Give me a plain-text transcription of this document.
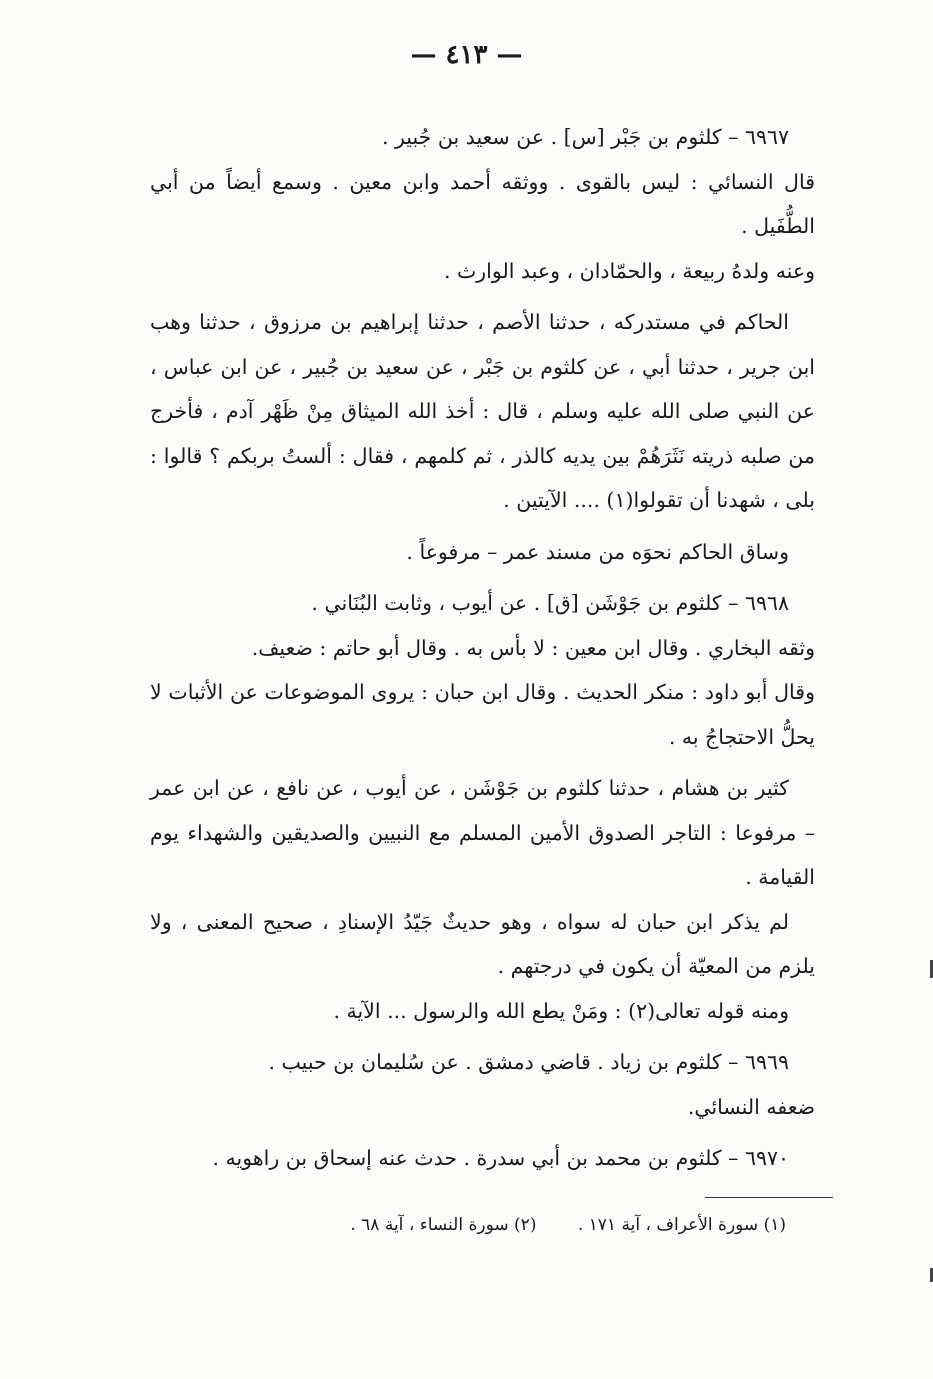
— ٤١٣ —

٦٩٦٧ – كلثوم بن جَبْر [س] . عن سعيد بن جُبير .

قال النسائي : ليس بالقوى . ووثقه أحمد وابن معين . وسمع أيضاً من أبي الطُّفَيل .

وعنه ولدهُ ربيعة ، والحمّادان ، وعبد الوارث .

الحاكم في مستدركه ، حدثنا الأصم ، حدثنا إبراهيم بن مرزوق ، حدثنا وهب ابن جرير ، حدثنا أبي ، عن كلثوم بن جَبْر ، عن سعيد بن جُبير ، عن ابن عباس ، عن النبي صلى الله عليه وسلم ، قال : أخذ الله الميثاق مِنْ ظَهْر آدم ، فأخرج من صلبه ذريته نَثَرَهُمْ بين يديه كالذر ، ثم كلمهم ، فقال : ألستُ بربكم ؟ قالوا : بلى ، شهدنا أن تقولوا(١) .... الآيتين .

وساق الحاكم نحوَه من مسند عمر – مرفوعاً .

٦٩٦٨ – كلثوم بن جَوْشَن [ق] . عن أيوب ، وثابت البُنَاني .

وثقه البخاري . وقال ابن معين : لا بأس به . وقال أبو حاتم : ضعيف.

وقال أبو داود : منكر الحديث . وقال ابن حبان : يروى الموضوعات عن الأثبات لا يحلُّ الاحتجاجُ به .

كثير بن هشام ، حدثنا كلثوم بن جَوْشَن ، عن أيوب ، عن نافع ، عن ابن عمر – مرفوعا : التاجر الصدوق الأمين المسلم مع النبيين والصديقين والشهداء يوم القيامة .

لم يذكر ابن حبان له سواه ، وهو حديثٌ جَيّدُ الإسنادِ ، صحيح المعنى ، ولا يلزم من المعيّة أن يكون في درجتهم .

ومنه قوله تعالى(٢) : ومَنْ يطع الله والرسول ... الآية .

٦٩٦٩ – كلثوم بن زياد . قاضي دمشق . عن سُليمان بن حبيب .

ضعفه النسائي.

٦٩٧٠ – كلثوم بن محمد بن أبي سدرة . حدث عنه إسحاق بن راهويه .

(١) سورة الأعراف ، آية ١٧١ . (٢) سورة النساء ، آية ٦٨ .
